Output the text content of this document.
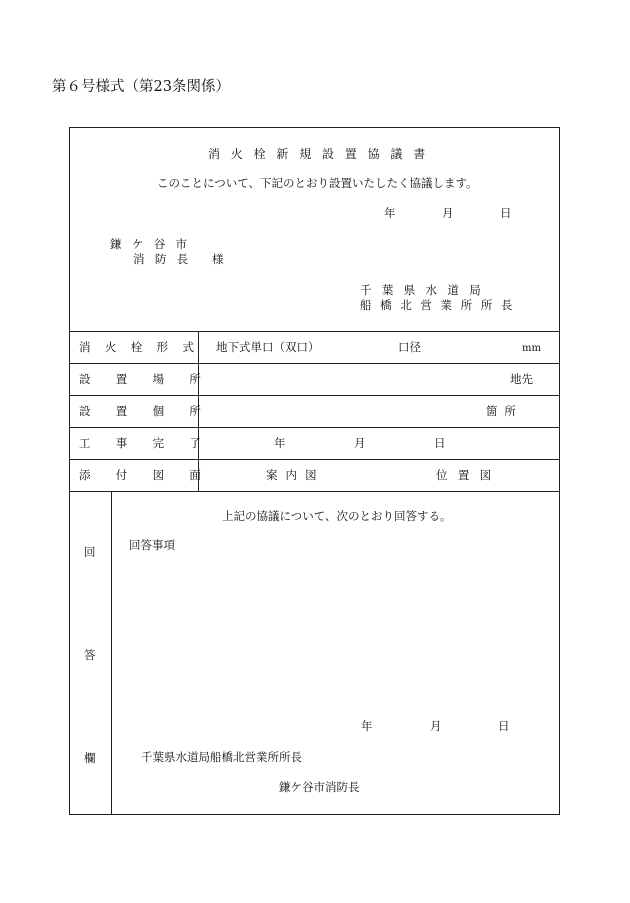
第６号様式（第23条関係）
消火栓新規設置協議書
このことについて、下記のとおり設置いたしたく協議します。
年	月	日
鎌ケ谷市
消防長 様
千葉県水道局
船橋北営業所所長
消火栓形式 地下式単口（双口）	口径	mm
設置場所	地先
設置個所	箇所
工事完了	年	月	日
添付図面	案内図	位置図
回
答
欄
上記の協議について、次のとおり回答する。
回答事項
年	月	日
千葉県水道局船橋北営業所所長
鎌ケ谷市消防長
